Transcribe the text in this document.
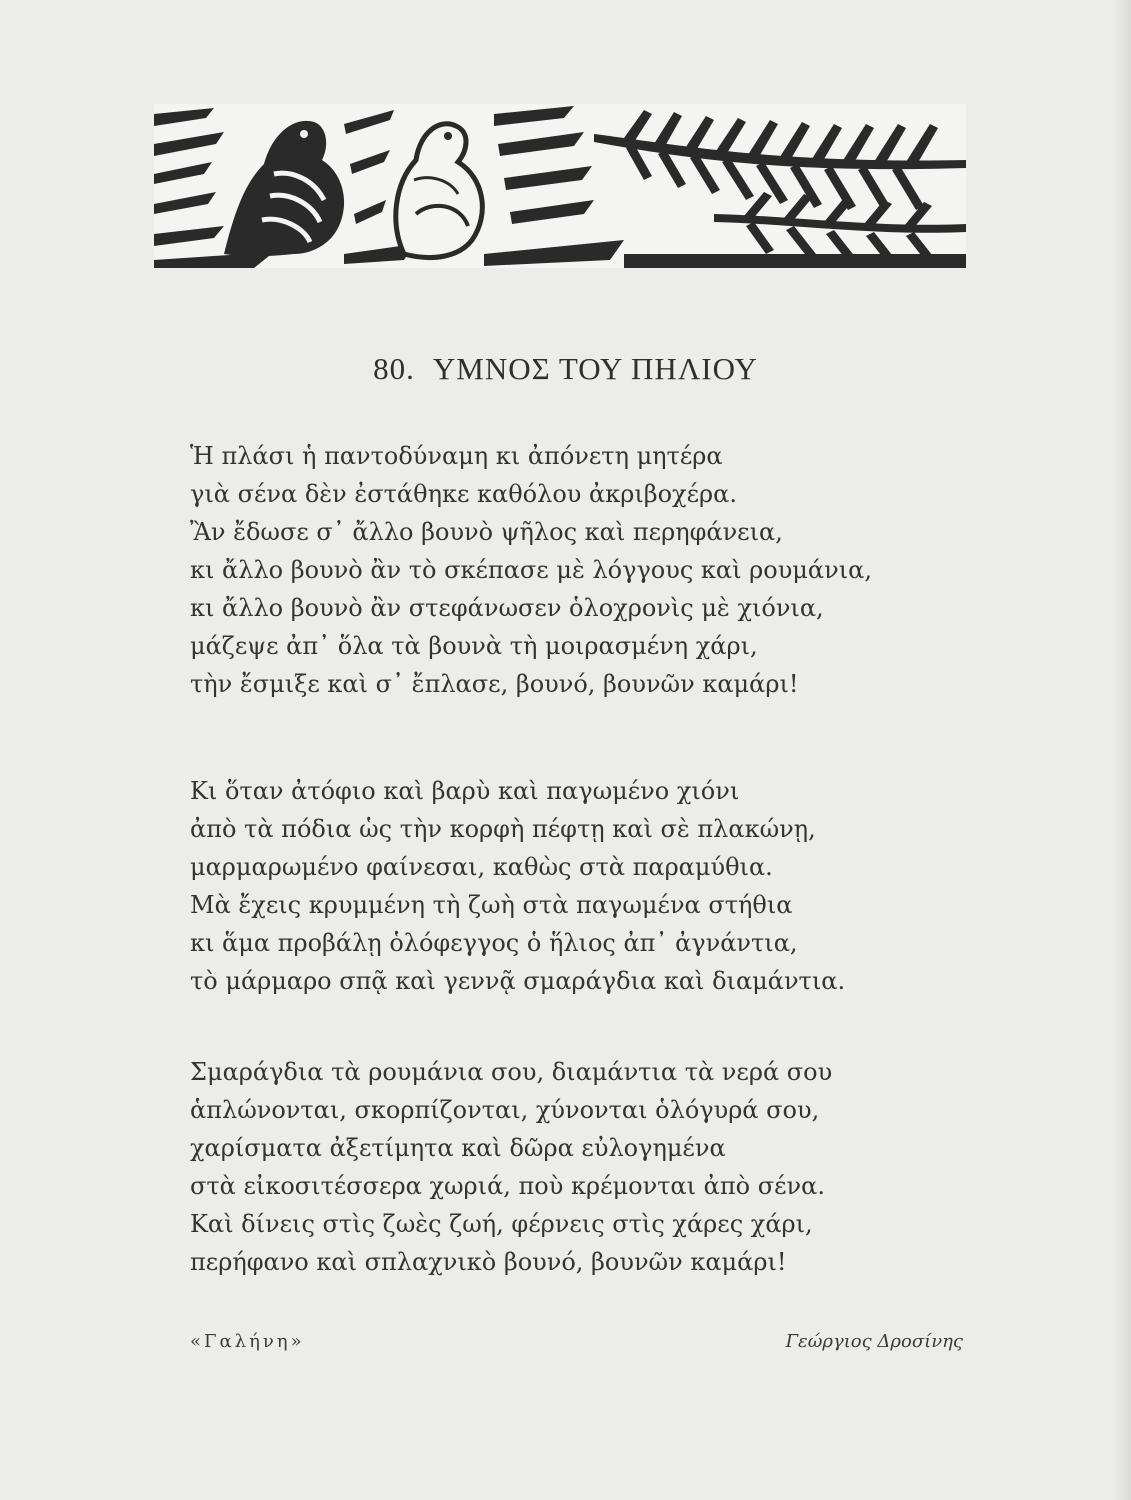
80. ΥΜΝΟΣ ΤΟΥ ΠΗΛΙΟΥ
Ἡ πλάσι ἡ παντοδύναμη κι ἀπόνετη μητέρα
γιὰ σένα δὲν ἐστάθηκε καθόλου ἀκριβοχέρα.
Ἂν ἔδωσε σ᾽ ἄλλο βουνὸ ψῆλος καὶ περηφάνεια,
κι ἄλλο βουνὸ ἂν τὸ σκέπασε μὲ λόγγους καὶ ρουμάνια,
κι ἄλλο βουνὸ ἂν στεφάνωσεν ὁλοχρονὶς μὲ χιόνια,
μάζεψε ἀπ᾽ ὅλα τὰ βουνὰ τὴ μοιρασμένη χάρι,
τὴν ἔσμιξε καὶ σ᾽ ἔπλασε, βουνό, βουνῶν καμάρι!
Κι ὅταν ἀτόφιο καὶ βαρὺ καὶ παγωμένο χιόνι
ἀπὸ τὰ πόδια ὡς τὴν κορφὴ πέφτῃ καὶ σὲ πλακώνῃ,
μαρμαρωμένο φαίνεσαι, καθὼς στὰ παραμύθια.
Μὰ ἔχεις κρυμμένη τὴ ζωὴ στὰ παγωμένα στήθια
κι ἅμα προβάλῃ ὁλόφεγγος ὁ ἥλιος ἀπ᾽ ἀγνάντια,
τὸ μάρμαρο σπᾷ καὶ γεννᾷ σμαράγδια καὶ διαμάντια.
Σμαράγδια τὰ ρουμάνια σου, διαμάντια τὰ νερά σου
ἁπλώνονται, σκορπίζονται, χύνονται ὁλόγυρά σου,
χαρίσματα ἀξετίμητα καὶ δῶρα εὐλογημένα
στὰ εἰκοσιτέσσερα χωριά, ποὺ κρέμονται ἀπὸ σένα.
Καὶ δίνεις στὶς ζωὲς ζωή, φέρνεις στὶς χάρες χάρι,
περήφανο καὶ σπλαχνικὸ βουνό, βουνῶν καμάρι!
«Γαλήνη»	Γεώργιος Δροσίνης
